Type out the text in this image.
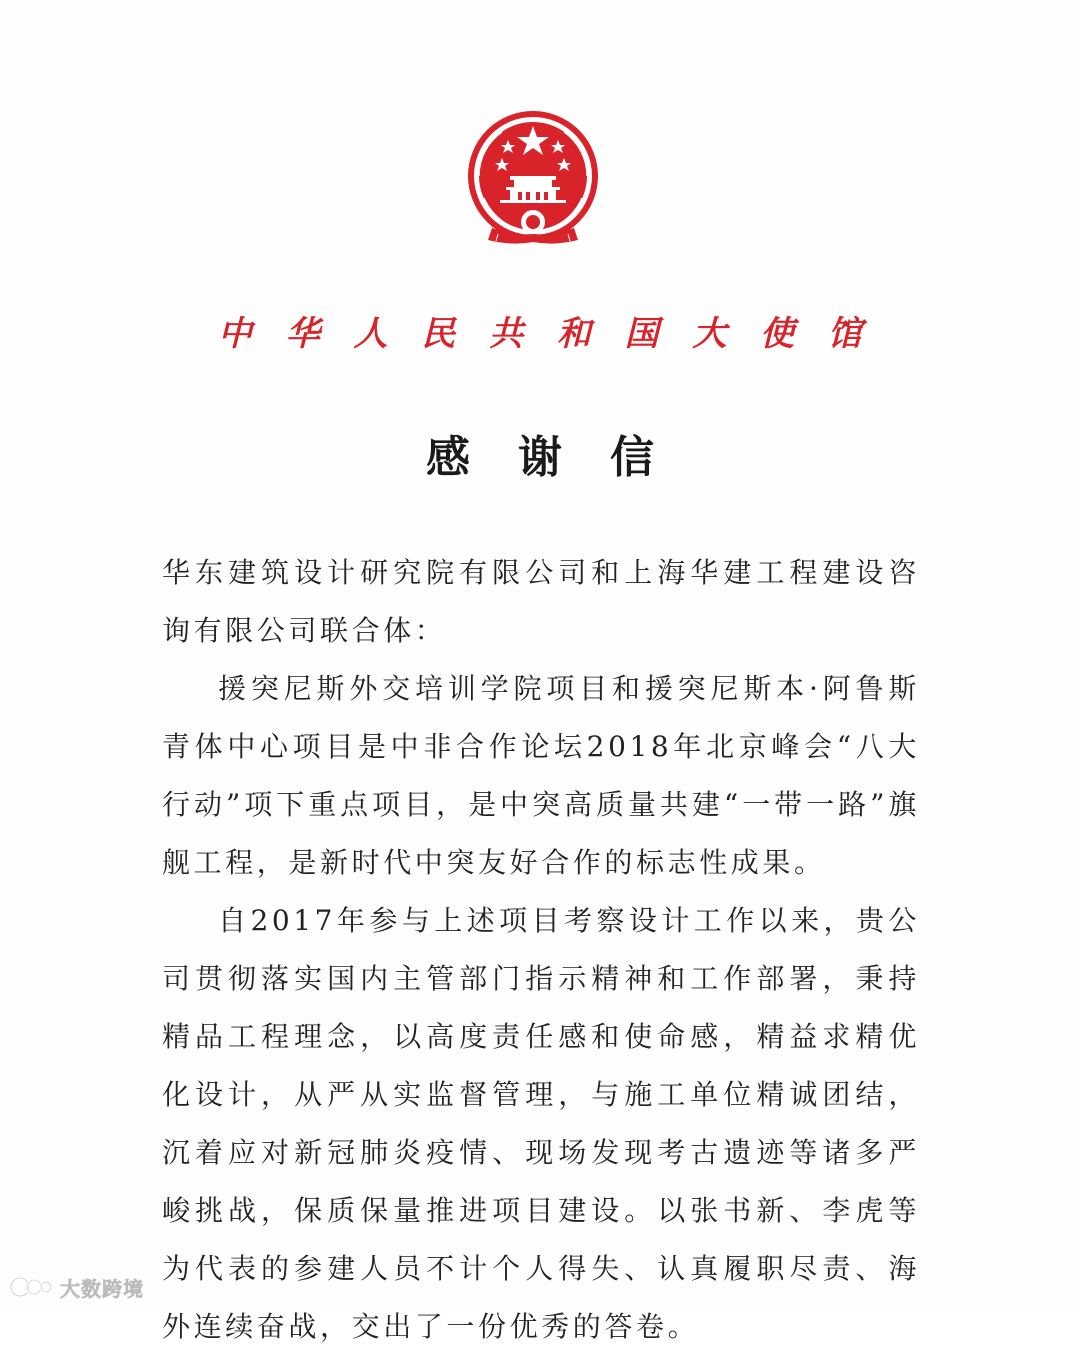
中 华 人 民 共 和 国 大 使 馆
感 谢 信

华东建筑设计研究院有限公司和上海华建工程建设咨询有限公司联合体：

援突尼斯外交培训学院项目和援突尼斯本·阿鲁斯青体中心项目是中非合作论坛2018年北京峰会“八大行动”项下重点项目，是中突高质量共建“一带一路”旗舰工程，是新时代中突友好合作的标志性成果。

自2017年参与上述项目考察设计工作以来，贵公司贯彻落实国内主管部门指示精神和工作部署，秉持精品工程理念，以高度责任感和使命感，精益求精优化设计，从严从实监督管理，与施工单位精诚团结，沉着应对新冠肺炎疫情、现场发现考古遗迹等诸多严峻挑战，保质保量推进项目建设。以张书新、李虎等为代表的参建人员不计个人得失、认真履职尽责、海外连续奋战，交出了一份优秀的答卷。

大数跨境
